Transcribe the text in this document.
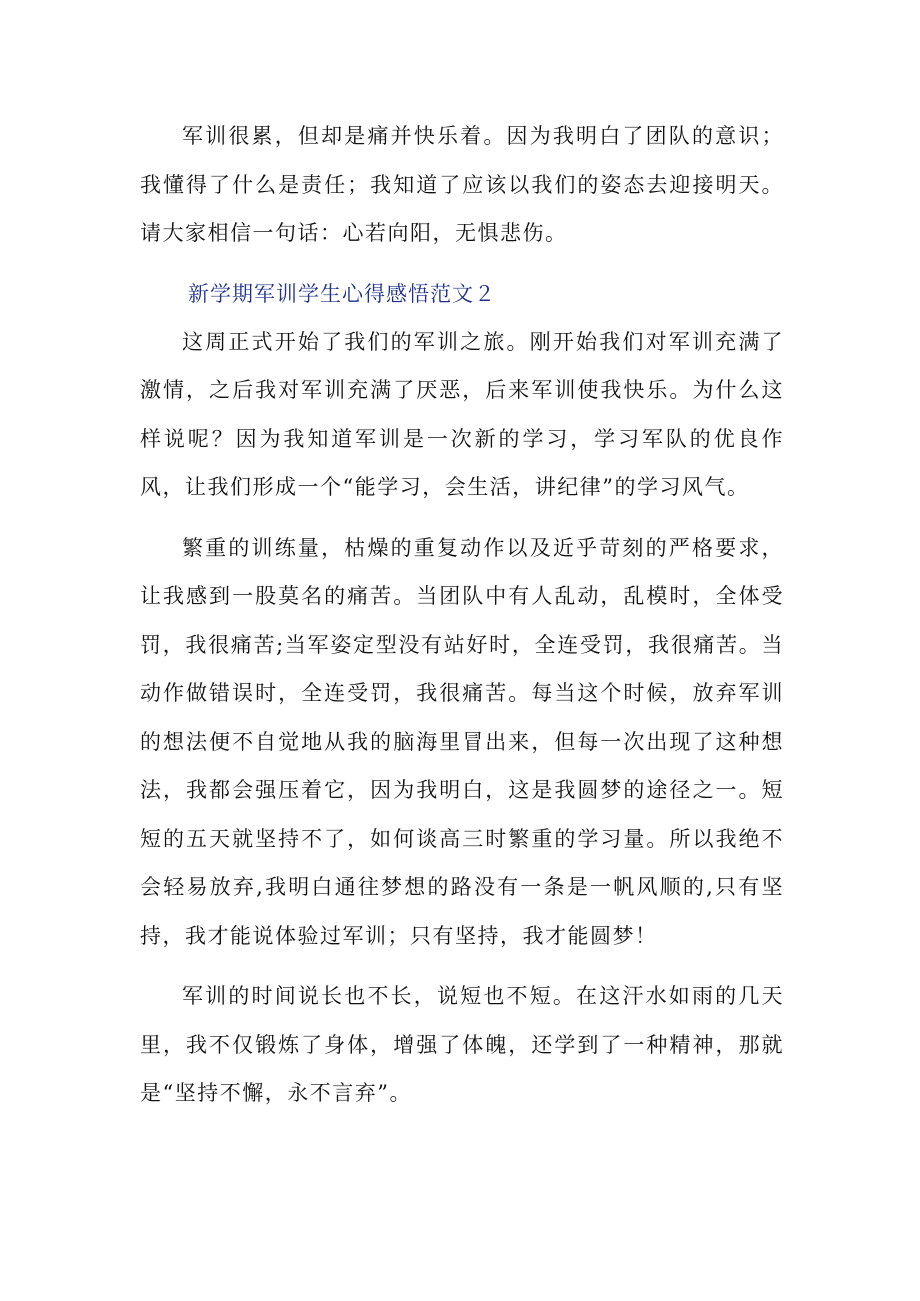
军训很累，但却是痛并快乐着。因为我明白了团队的意识；我懂得了什么是责任；我知道了应该以我们的姿态去迎接明天。请大家相信一句话：心若向阳，无惧悲伤。

新学期军训学生心得感悟范文２

这周正式开始了我们的军训之旅。刚开始我们对军训充满了激情，之后我对军训充满了厌恶，后来军训使我快乐。为什么这样说呢？因为我知道军训是一次新的学习，学习军队的优良作风，让我们形成一个“能学习，会生活，讲纪律”的学习风气。

繁重的训练量，枯燥的重复动作以及近乎苛刻的严格要求，让我感到一股莫名的痛苦。当团队中有人乱动，乱模时，全体受罚，我很痛苦;当军姿定型没有站好时，全连受罚，我很痛苦。当动作做错误时，全连受罚，我很痛苦。每当这个时候，放弃军训的想法便不自觉地从我的脑海里冒出来，但每一次出现了这种想法，我都会强压着它，因为我明白，这是我圆梦的途径之一。短短的五天就坚持不了，如何谈高三时繁重的学习量。所以我绝不会轻易放弃,我明白通往梦想的路没有一条是一帆风顺的,只有坚持，我才能说体验过军训；只有坚持，我才能圆梦！

军训的时间说长也不长，说短也不短。在这汗水如雨的几天里，我不仅锻炼了身体，增强了体魄，还学到了一种精神，那就是“坚持不懈，永不言弃”。
